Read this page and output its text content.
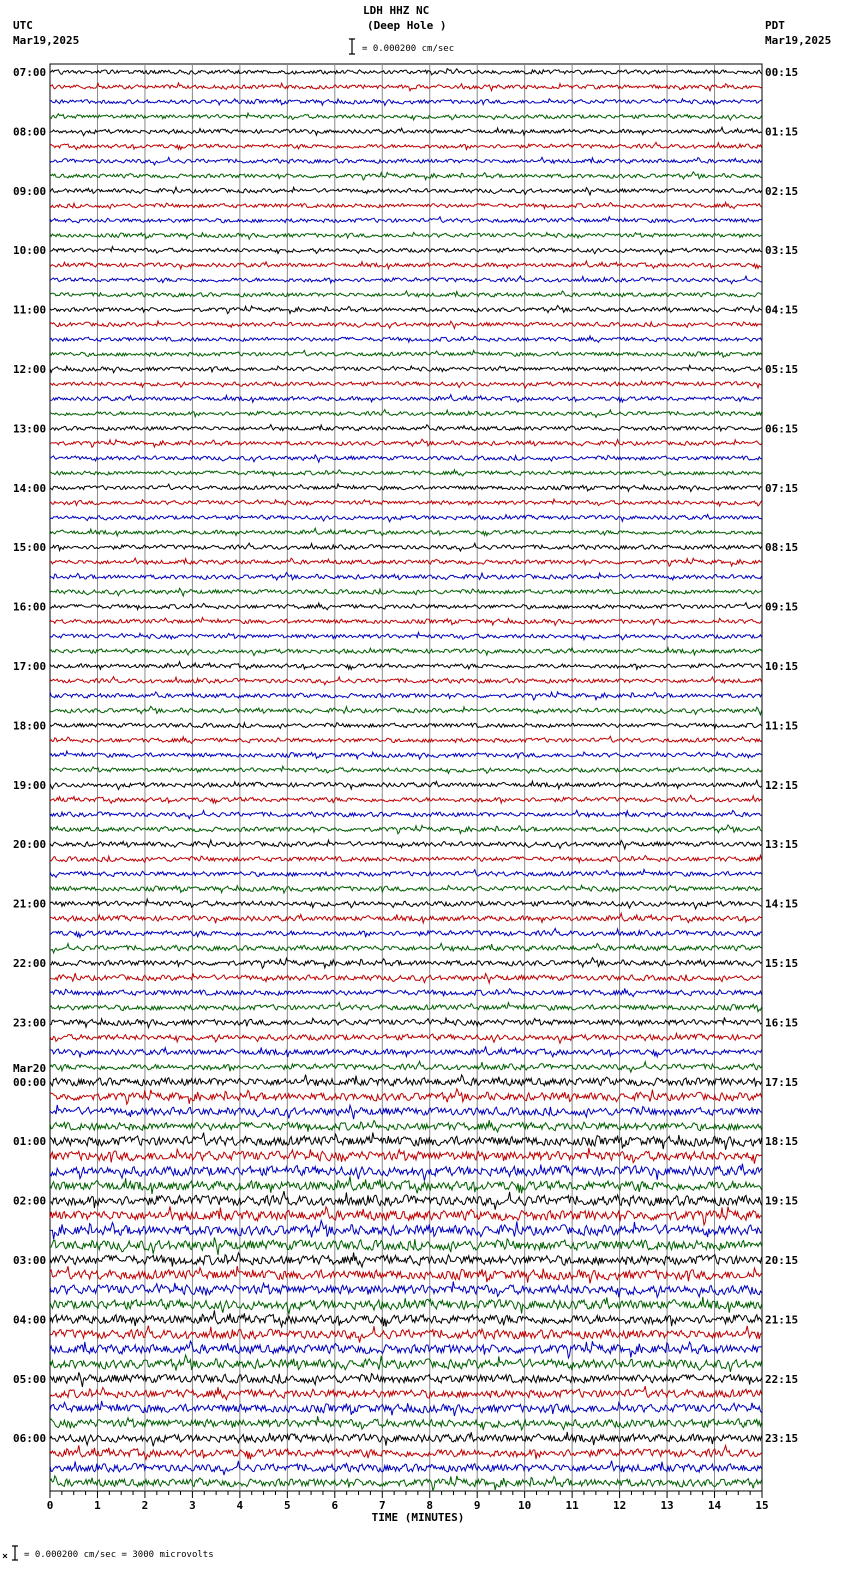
LDH HHZ NC
(Deep Hole )
= 0.000200 cm/sec
UTC
Mar19,2025
PDT
Mar19,2025
= 0.000200 cm/sec = 3000 microvolts
0	1	2	3	4	5	6	7	8	9	10	11	12	13	14	15
TIME (MINUTES)
07:00	00:15
08:00	01:15
09:00	02:15
10:00	03:15
11:00	04:15
12:00	05:15
13:00	06:15
14:00	07:15
15:00	08:15
16:00	09:15
17:00	10:15
18:00	11:15
19:00	12:15
20:00	13:15
21:00	14:15
22:00	15:15
23:00	16:15
00:00	17:15
01:00	18:15
02:00	19:15
03:00	20:15
04:00	21:15
05:00	22:15
06:00	23:15
Mar20
